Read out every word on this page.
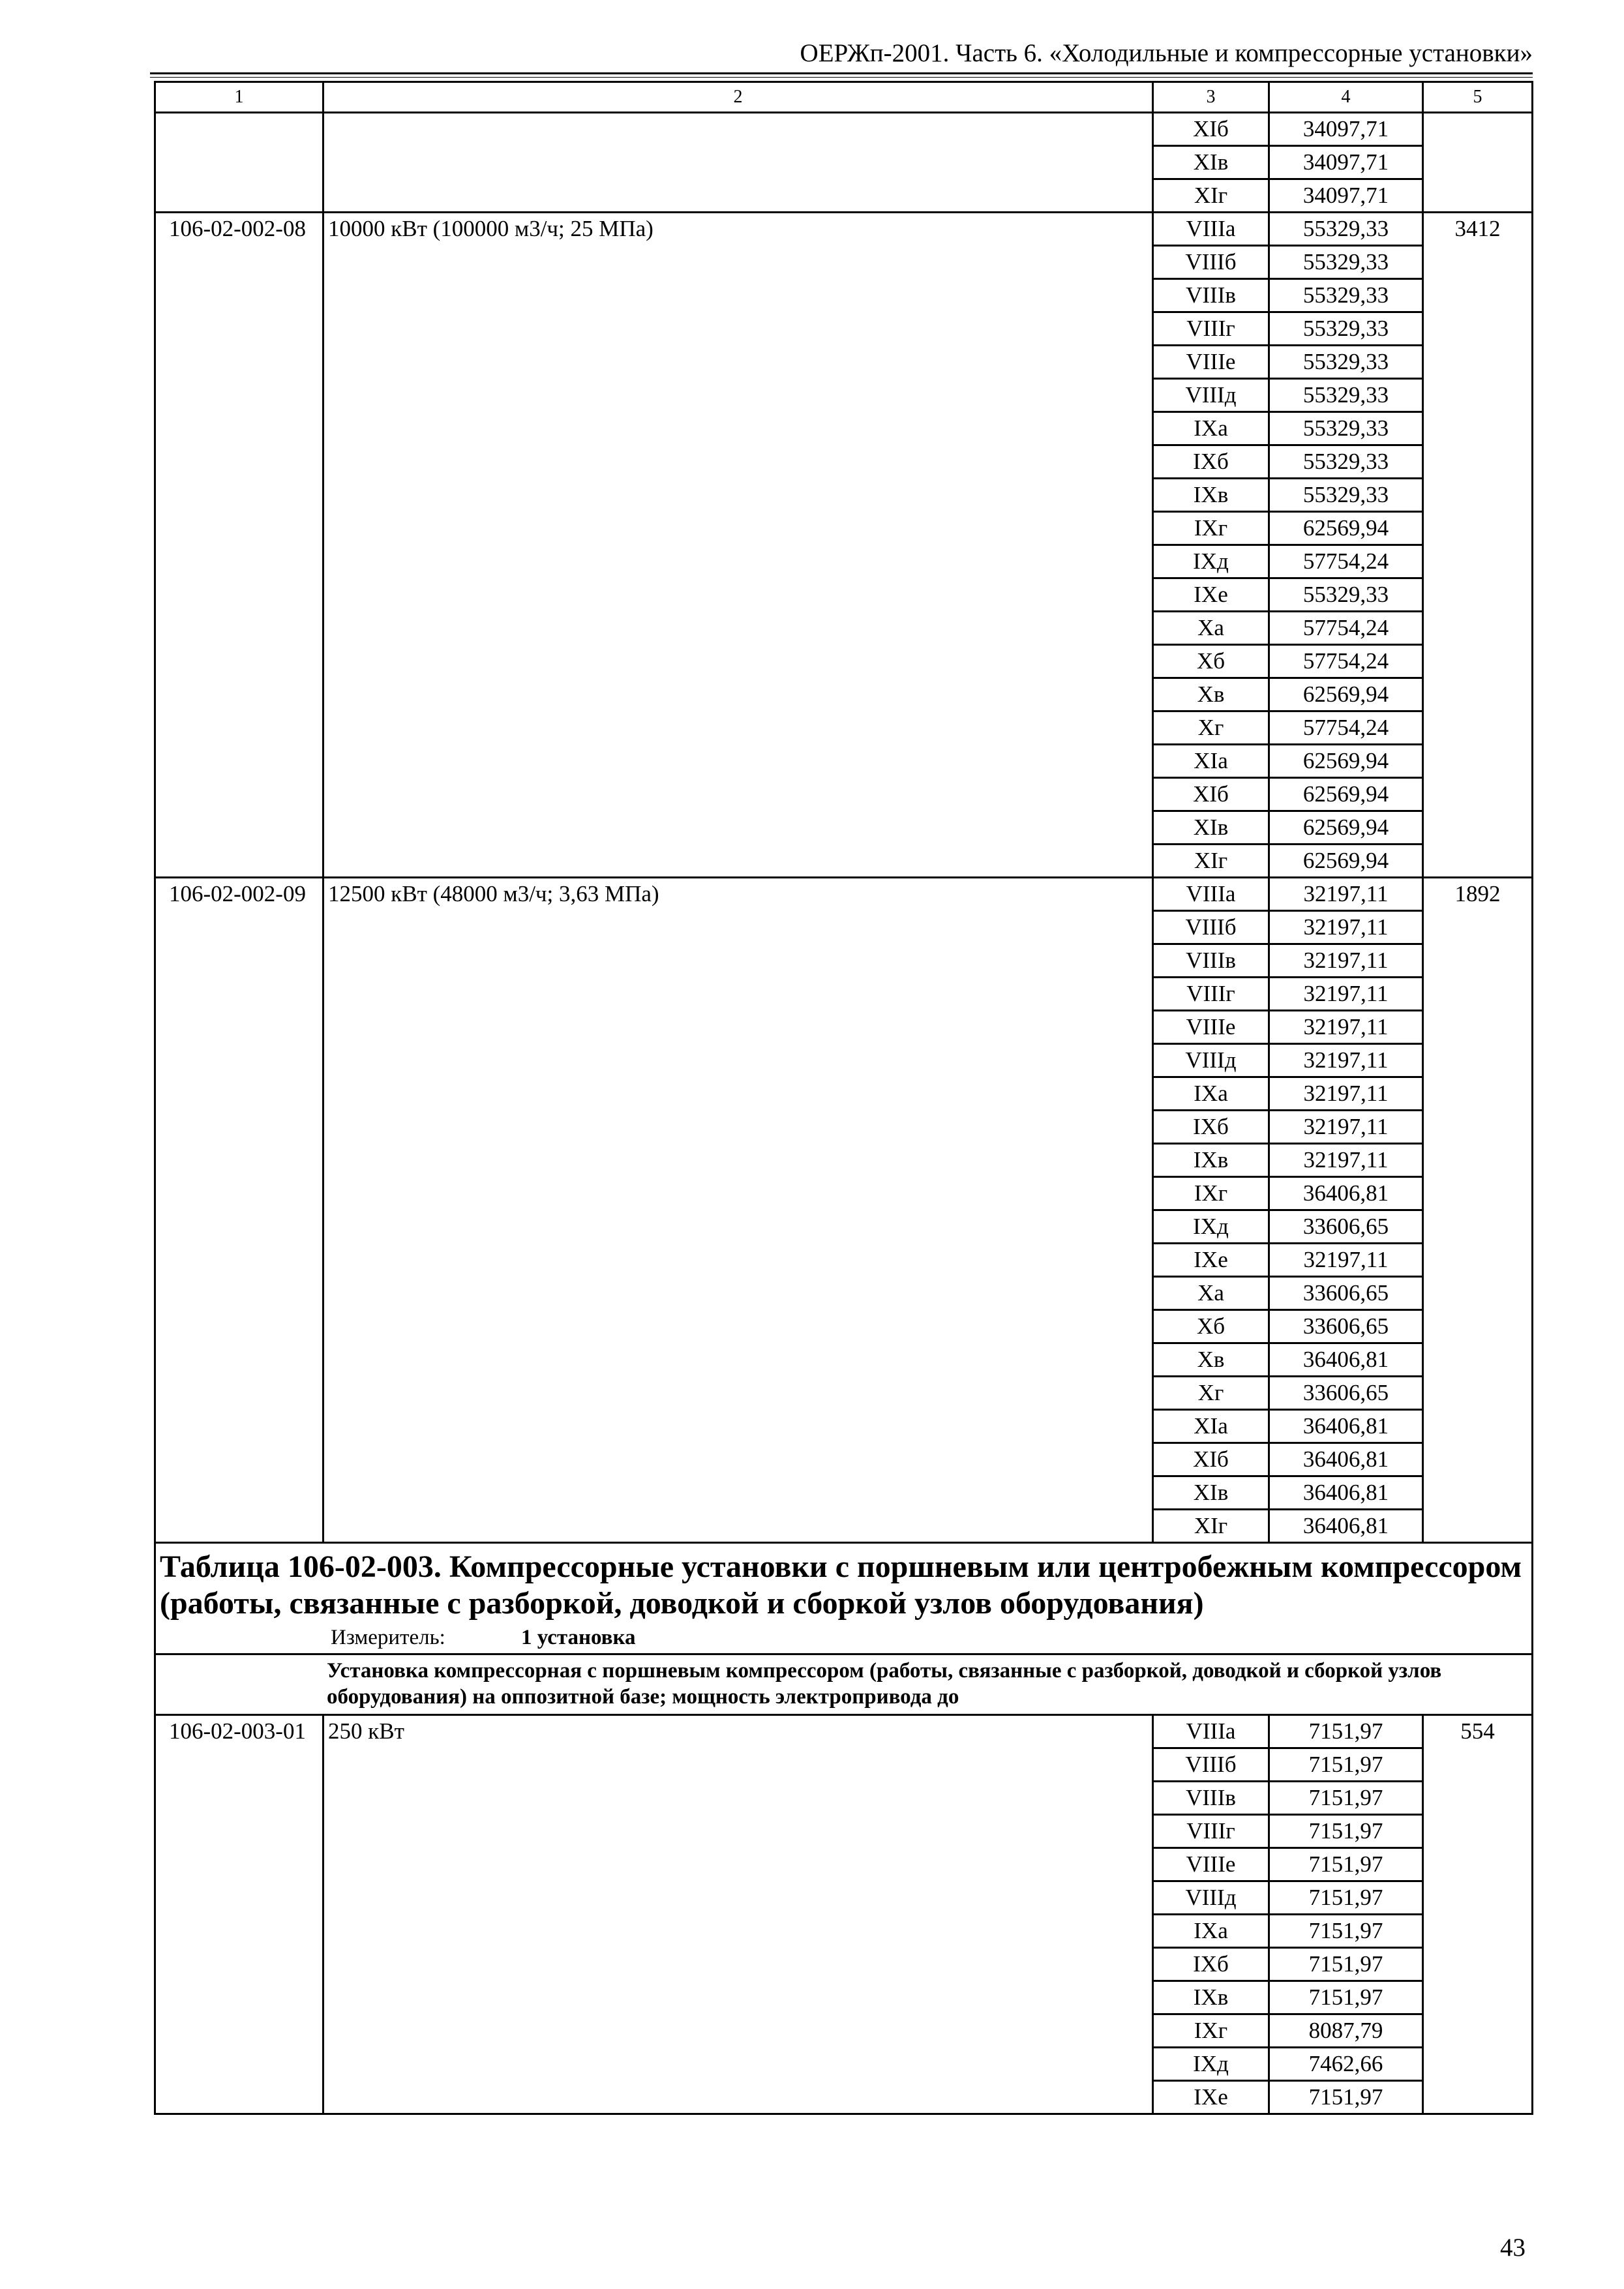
ОЕРЖп-2001. Часть 6. «Холодильные и компрессорные установки»
1	2	3	4	5
		XIб	34097,71	
		XIв	34097,71	
		XIг	34097,71	
106-02-002-08	10000 кВт (100000 м3/ч; 25 МПа)	VIIIа	55329,33	3412
		VIIIб	55329,33	
		VIIIв	55329,33	
		VIIIг	55329,33	
		VIIIе	55329,33	
		VIIIд	55329,33	
		IXа	55329,33	
		IXб	55329,33	
		IXв	55329,33	
		IXг	62569,94	
		IXд	57754,24	
		IXе	55329,33	
		Xа	57754,24	
		Xб	57754,24	
		Xв	62569,94	
		Xг	57754,24	
		XIа	62569,94	
		XIб	62569,94	
		XIв	62569,94	
		XIг	62569,94	
106-02-002-09	12500 кВт (48000 м3/ч; 3,63 МПа)	VIIIа	32197,11	1892
		VIIIб	32197,11	
		VIIIв	32197,11	
		VIIIг	32197,11	
		VIIIе	32197,11	
		VIIIд	32197,11	
		IXа	32197,11	
		IXб	32197,11	
		IXв	32197,11	
		IXг	36406,81	
		IXд	33606,65	
		IXе	32197,11	
		Xа	33606,65	
		Xб	33606,65	
		Xв	36406,81	
		Xг	33606,65	
		XIа	36406,81	
		XIб	36406,81	
		XIв	36406,81	
		XIг	36406,81	

Таблица 106-02-003. Компрессорные установки с поршневым или центробежным компрессором (работы, связанные с разборкой, доводкой и сборкой узлов оборудования)
Измеритель: 1 установка				

Установка компрессорная с поршневым компрессором (работы, связанные с разборкой, доводкой и сборкой узлов оборудования) на оппозитной базе; мощность электропривода до				
106-02-003-01	250 кВт	VIIIа	7151,97	554
		VIIIб	7151,97	
		VIIIв	7151,97	
		VIIIг	7151,97	
		VIIIе	7151,97	
		VIIIд	7151,97	
		IXа	7151,97	
		IXб	7151,97	
		IXв	7151,97	
		IXг	8087,79	
		IXд	7462,66	
		IXе	7151,97	
43
